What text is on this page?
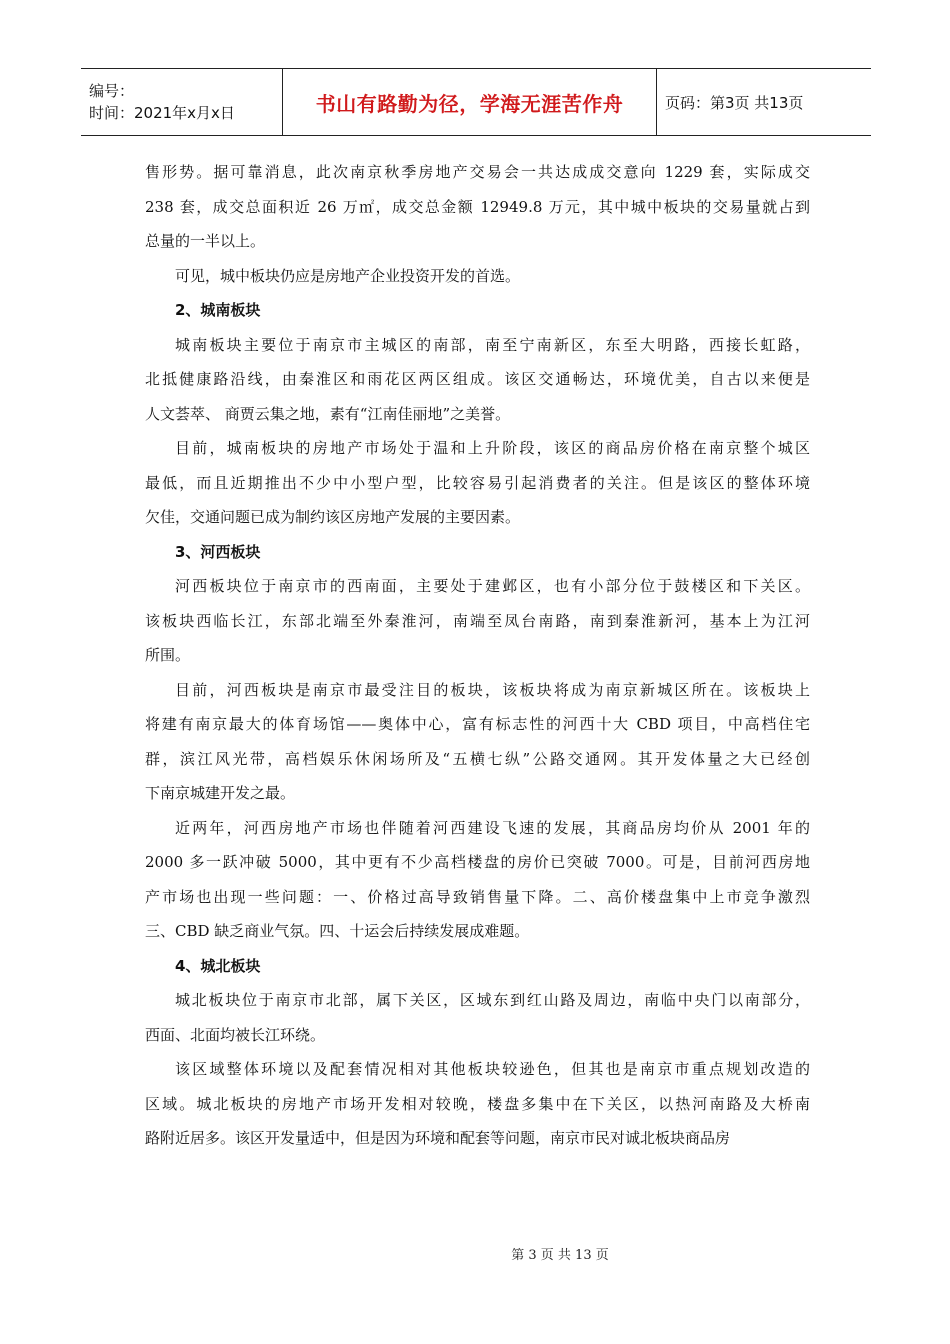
编号：
时间：2021年x月x日	书山有路勤为径，学海无涯苦作舟	页码：第3页 共13页
售形势。据可靠消息，此次南京秋季房地产交易会一共达成成交意向 1229 套，实际成交
238 套，成交总面积近 26 万㎡，成交总金额 12949.8 万元，其中城中板块的交易量就占到
总量的一半以上。
可见，城中板块仍应是房地产企业投资开发的首选。
2、城南板块
城南板块主要位于南京市主城区的南部，南至宁南新区，东至大明路，西接长虹路，
北抵健康路沿线，由秦淮区和雨花区两区组成。该区交通畅达，环境优美，自古以来便是
人文荟萃、 商贾云集之地，素有“江南佳丽地”之美誉。
目前，城南板块的房地产市场处于温和上升阶段，该区的商品房价格在南京整个城区
最低，而且近期推出不少中小型户型，比较容易引起消费者的关注。但是该区的整体环境
欠佳，交通问题已成为制约该区房地产发展的主要因素。
3、河西板块
河西板块位于南京市的西南面，主要处于建邺区，也有小部分位于鼓楼区和下关区。
该板块西临长江，东部北端至外秦淮河，南端至凤台南路，南到秦淮新河，基本上为江河
所围。
目前，河西板块是南京市最受注目的板块，该板块将成为南京新城区所在。该板块上
将建有南京最大的体育场馆——奥体中心，富有标志性的河西十大 CBD 项目，中高档住宅
群，滨江风光带，高档娱乐休闲场所及“五横七纵”公路交通网。其开发体量之大已经创
下南京城建开发之最。
近两年，河西房地产市场也伴随着河西建设飞速的发展，其商品房均价从 2001 年的
2000 多一跃冲破 5000，其中更有不少高档楼盘的房价已突破 7000。可是，目前河西房地
产市场也出现一些问题：一、价格过高导致销售量下降。二、高价楼盘集中上市竞争激烈
三、CBD 缺乏商业气氛。四、十运会后持续发展成难题。
4、城北板块
城北板块位于南京市北部，属下关区，区域东到红山路及周边，南临中央门以南部分，
西面、北面均被长江环绕。
该区域整体环境以及配套情况相对其他板块较逊色，但其也是南京市重点规划改造的
区域。城北板块的房地产市场开发相对较晚，楼盘多集中在下关区，以热河南路及大桥南
路附近居多。该区开发量适中，但是因为环境和配套等问题，南京市民对诚北板块商品房
第 3 页 共 13 页
